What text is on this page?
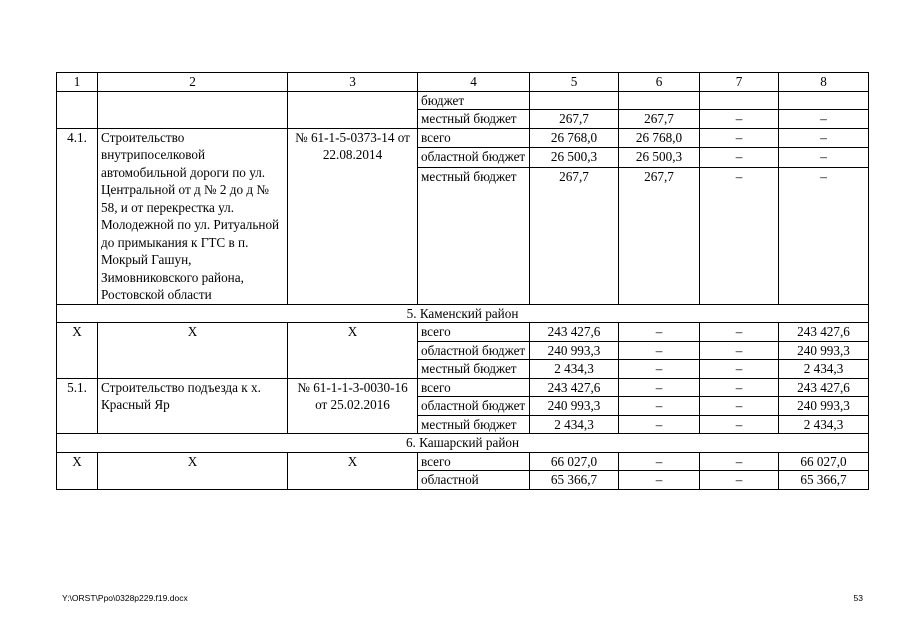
1	2	3	4	5	6	7	8
			бюджет				
			местный бюджет	267,7	267,7	–	–
4.1.	Строительство внутрипоселковой автомобильной дороги по ул. Центральной от д № 2 до д № 58, и от перекрестка ул. Молодежной по ул. Ритуальной до примыкания к ГТС в п. Мокрый Гашун, Зимовниковского района, Ростовской области	№ 61-1-5-0373-14 от 22.08.2014	всего	26 768,0	26 768,0	–	–
			областной бюджет	26 500,3	26 500,3	–	–
			местный бюджет	267,7	267,7	–	–
5. Каменский район							
Х	Х	Х	всего	243 427,6	–	–	243 427,6
			областной бюджет	240 993,3	–	–	240 993,3
			местный бюджет	2 434,3	–	–	2 434,3
5.1.	Строительство подъезда к х. Красный Яр	№ 61-1-1-3-0030-16 от 25.02.2016	всего	243 427,6	–	–	243 427,6
			областной бюджет	240 993,3	–	–	240 993,3
			местный бюджет	2 434,3	–	–	2 434,3
6. Кашарский район							
Х	Х	Х	всего	66 027,0	–	–	66 027,0
			областной	65 366,7	–	–	65 366,7
Y:\ORST\Ppo\0328p229.f19.docx	53
